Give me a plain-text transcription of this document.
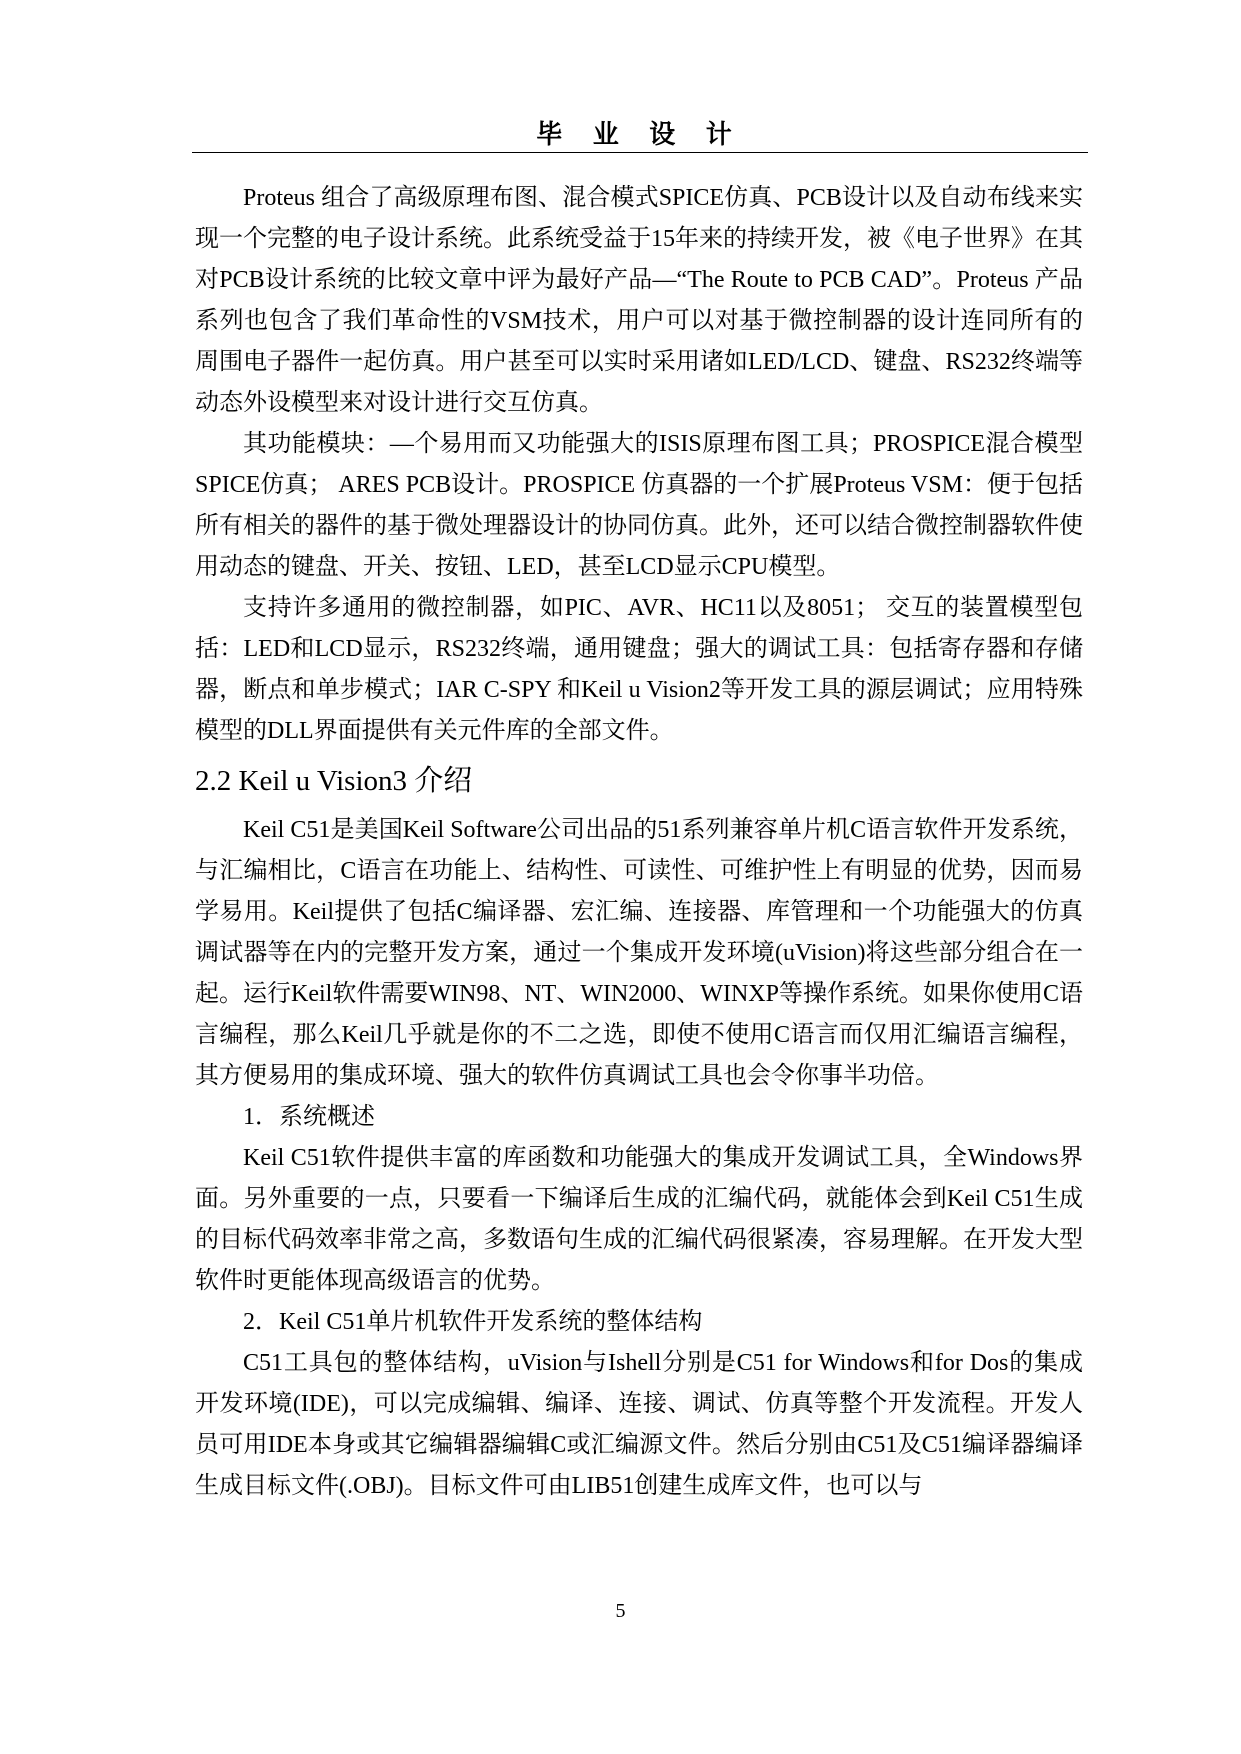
毕 业 设 计

Proteus 组合了高级原理布图、混合模式SPICE仿真、PCB设计以及自动布线来实现一个完整的电子设计系统。此系统受益于15年来的持续开发，被《电子世界》在其对PCB设计系统的比较文章中评为最好产品—“The Route to PCB CAD”。Proteus 产品系列也包含了我们革命性的VSM技术，用户可以对基于微控制器的设计连同所有的周围电子器件一起仿真。用户甚至可以实时采用诸如LED/LCD、键盘、RS232终端等动态外设模型来对设计进行交互仿真。

其功能模块：—个易用而又功能强大的ISIS原理布图工具；PROSPICE混合模型SPICE仿真； ARES PCB设计。PROSPICE 仿真器的一个扩展Proteus VSM：便于包括所有相关的器件的基于微处理器设计的协同仿真。此外，还可以结合微控制器软件使用动态的键盘、开关、按钮、LED，甚至LCD显示CPU模型。

支持许多通用的微控制器，如PIC、AVR、HC11以及8051； 交互的装置模型包括：LED和LCD显示，RS232终端，通用键盘；强大的调试工具：包括寄存器和存储器，断点和单步模式；IAR C-SPY 和Keil u Vision2等开发工具的源层调试；应用特殊模型的DLL界面提供有关元件库的全部文件。

2.2 Keil u Vision3 介绍

Keil C51是美国Keil Software公司出品的51系列兼容单片机C语言软件开发系统，与汇编相比，C语言在功能上、结构性、可读性、可维护性上有明显的优势，因而易学易用。Keil提供了包括C编译器、宏汇编、连接器、库管理和一个功能强大的仿真调试器等在内的完整开发方案，通过一个集成开发环境(uVision)将这些部分组合在一起。运行Keil软件需要WIN98、NT、WIN2000、WINXP等操作系统。如果你使用C语言编程，那么Keil几乎就是你的不二之选，即使不使用C语言而仅用汇编语言编程，其方便易用的集成环境、强大的软件仿真调试工具也会令你事半功倍。

1．系统概述

Keil C51软件提供丰富的库函数和功能强大的集成开发调试工具，全Windows界面。另外重要的一点，只要看一下编译后生成的汇编代码，就能体会到Keil C51生成的目标代码效率非常之高，多数语句生成的汇编代码很紧凑，容易理解。在开发大型软件时更能体现高级语言的优势。

2．Keil C51单片机软件开发系统的整体结构

C51工具包的整体结构，uVision与Ishell分别是C51 for Windows和for Dos的集成开发环境(IDE)，可以完成编辑、编译、连接、调试、仿真等整个开发流程。开发人员可用IDE本身或其它编辑器编辑C或汇编源文件。然后分别由C51及C51编译器编译生成目标文件(.OBJ)。目标文件可由LIB51创建生成库文件，也可以与

5
